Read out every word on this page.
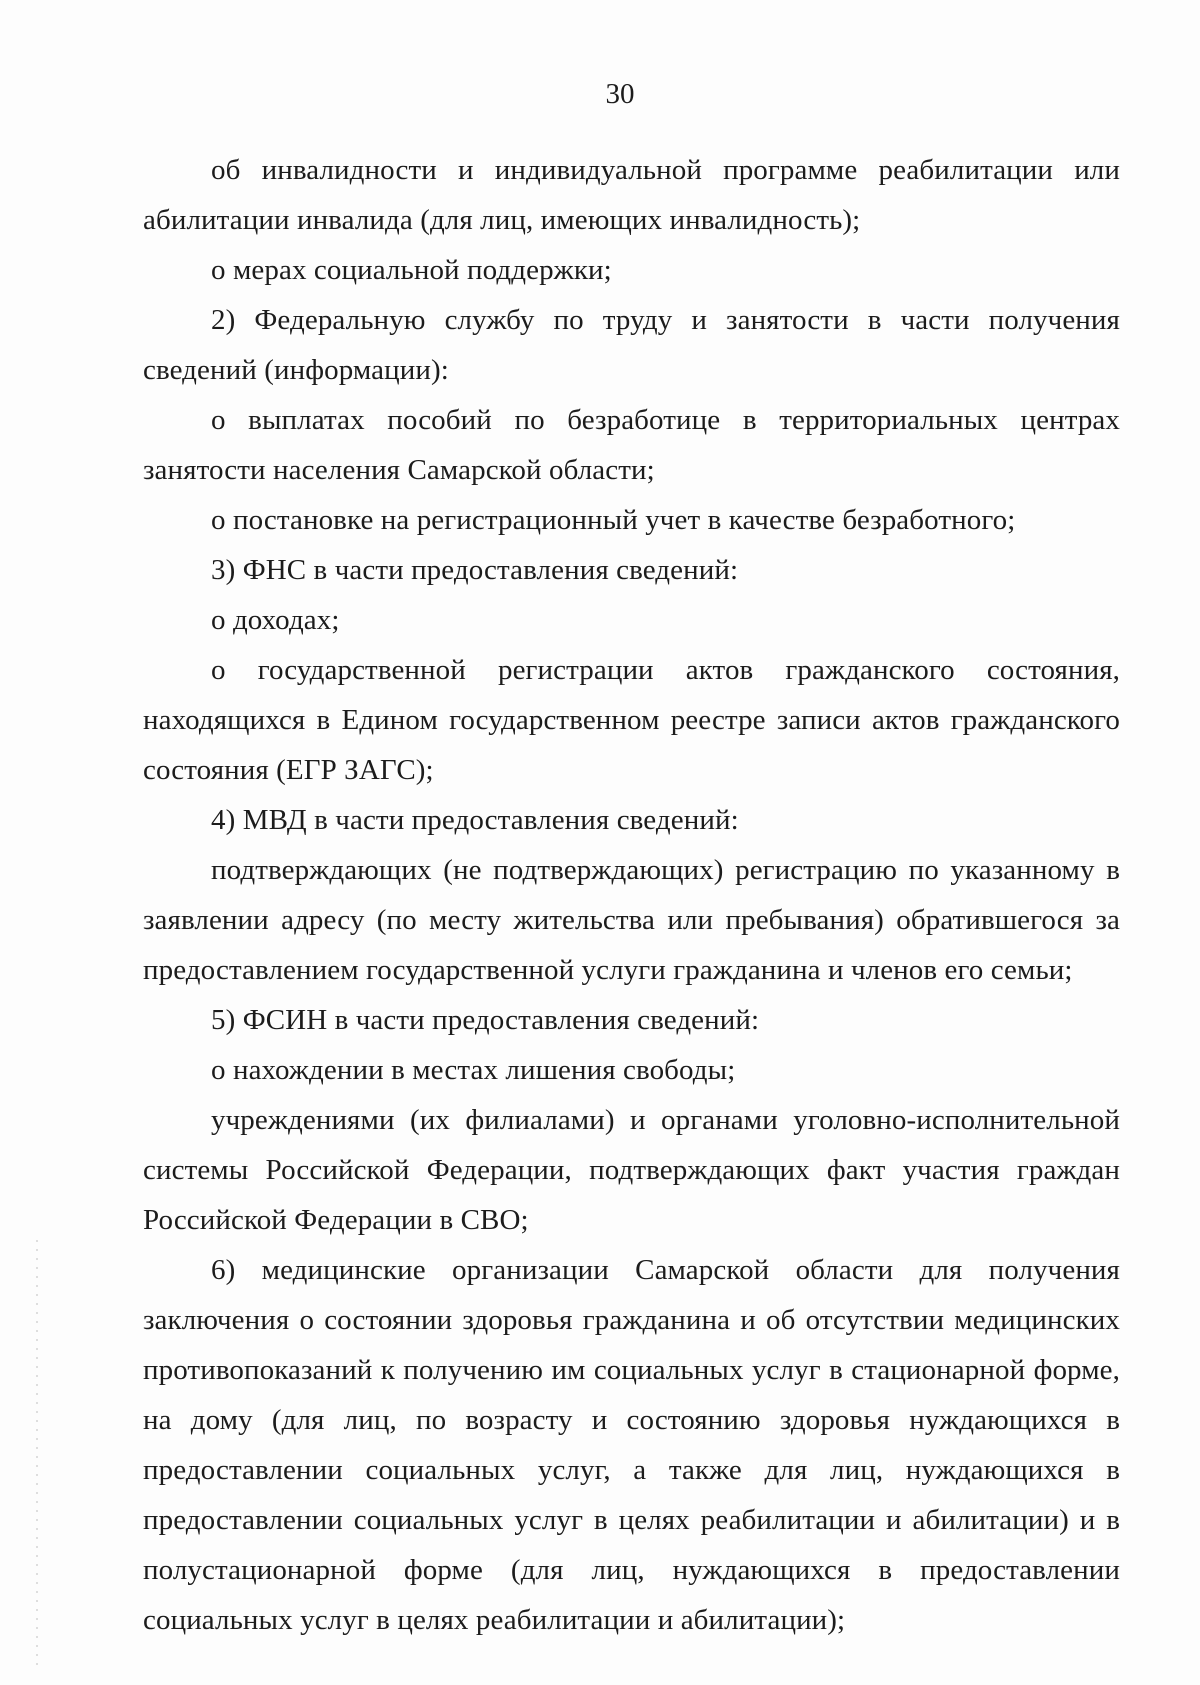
30

об инвалидности и индивидуальной программе реабилитации или абилитации инвалида (для лиц, имеющих инвалидность);

о мерах социальной поддержки;

2) Федеральную службу по труду и занятости в части получения сведений (информации):

о выплатах пособий по безработице в территориальных центрах занятости населения Самарской области;

о постановке на регистрационный учет в качестве безработного;

3) ФНС в части предоставления сведений:

о доходах;

о государственной регистрации актов гражданского состояния, находящихся в Едином государственном реестре записи актов гражданского состояния (ЕГР ЗАГС);

4) МВД в части предоставления сведений:

подтверждающих (не подтверждающих) регистрацию по указанному в заявлении адресу (по месту жительства или пребывания) обратившегося за предоставлением государственной услуги гражданина и членов его семьи;

5) ФСИН в части предоставления сведений:

о нахождении в местах лишения свободы;

учреждениями (их филиалами) и органами уголовно-исполнительной системы Российской Федерации, подтверждающих факт участия граждан Российской Федерации в СВО;

6) медицинские организации Самарской области для получения заключения о состоянии здоровья гражданина и об отсутствии медицинских противопоказаний к получению им социальных услуг в стационарной форме, на дому (для лиц, по возрасту и состоянию здоровья нуждающихся в предоставлении социальных услуг, а также для лиц, нуждающихся в предоставлении социальных услуг в целях реабилитации и абилитации) и в полустационарной форме (для лиц, нуждающихся в предоставлении социальных услуг в целях реабилитации и абилитации);
